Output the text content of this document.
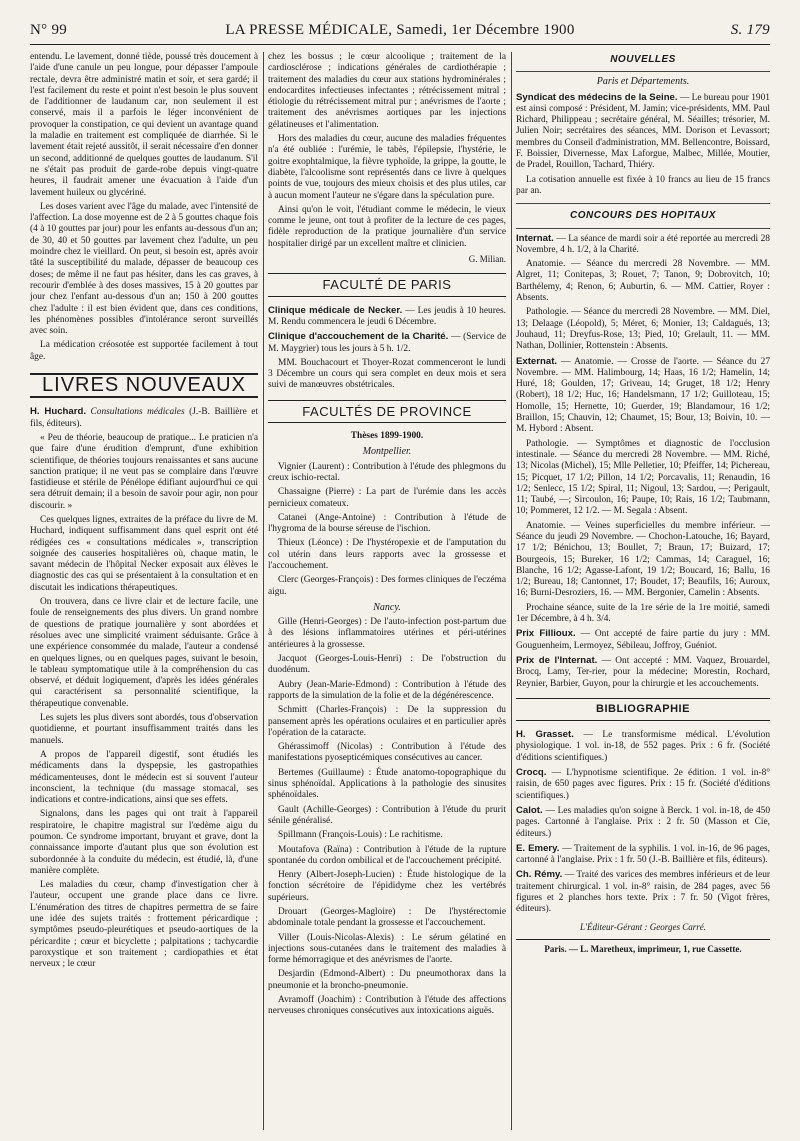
N° 99	LA PRESSE MÉDICALE, Samedi, 1er Décembre 1900	S. 179

entendu. Le lavement, donné tiède, poussé très doucement à l'aide d'une canule un peu longue, pour dépasser l'ampoule rectale, devra être administré matin et soir, et sera gardé; il l'est facilement du reste et point n'est besoin le plus souvent de l'additionner de laudanum car, non seulement il est conservé, mais il a parfois le léger inconvénient de provoquer la constipation, ce qui devient un avantage quand la maladie en traitement est compliquée de diarrhée. Si le lavement était rejeté aussitôt, il serait nécessaire d'en donner un second, additionné de quelques gouttes de laudanum. S'il ne s'était pas produit de garde-robe depuis vingt-quatre heures, il faudrait amener une évacuation à l'aide d'un lavement huileux ou glycériné.

Les doses varient avec l'âge du malade, avec l'intensité de l'affection. La dose moyenne est de 2 à 5 gouttes chaque fois (4 à 10 gouttes par jour) pour les enfants au-dessous d'un an; de 30, 40 et 50 gouttes par lavement chez l'adulte, un peu moindre chez le vieillard. On peut, si besoin est, après avoir tâté la susceptibilité du malade, dépasser de beaucoup ces doses; de même il ne faut pas hésiter, dans les cas graves, à recourir d'emblée à des doses massives, 15 à 20 gouttes par jour chez l'enfant au-dessous d'un an; 150 à 200 gouttes chez l'adulte : il est bien évident que, dans ces conditions, les phénomènes possibles d'intolérance seront surveillés avec soin.

La médication créosotée est supportée facilement à tout âge.

LIVRES NOUVEAUX

H. Huchard. Consultations médicales (J.-B. Baillière et fils, éditeurs).

« Peu de théorie, beaucoup de pratique... Le praticien n'a que faire d'une érudition d'emprunt, d'une exhibition scientifique, de théories toujours renaissantes et sans aucune sanction pratique; il ne veut pas se complaire dans l'œuvre fastidieuse et stérile de Pénélope édifiant aujourd'hui ce qui sera détruit demain; il a besoin de savoir pour agir, non pour discourir. »

Ces quelques lignes, extraites de la préface du livre de M. Huchard, indiquent suffisamment dans quel esprit ont été rédigées ces « consultations médicales », transcription soignée des causeries hospitalières où, chaque matin, le savant médecin de l'hôpital Necker exposait aux élèves le diagnostic des cas qui se présentaient à la consultation et en discutait les indications thérapeutiques.

On trouvera, dans ce livre clair et de lecture facile, une foule de renseignements des plus divers. Un grand nombre de questions de pratique journalière y sont abordées et résolues avec une simplicité vraiment séduisante. Grâce à une expérience consommée du malade, l'auteur a condensé en quelques lignes, ou en quelques pages, suivant le besoin, le tableau symptomatique utile à la compréhension du cas observé, et déduit logiquement, d'après les idées générales qui caractérisent sa personnalité scientifique, la thérapeutique convenable.

Les sujets les plus divers sont abordés, tous d'observation quotidienne, et pourtant insuffisamment traités dans les manuels.

A propos de l'appareil digestif, sont étudiés les médicaments dans la dyspepsie, les gastropathies médicamenteuses, dont le médecin est si souvent l'auteur inconscient, la technique (du massage stomacal, ses indications et contre-indications, ainsi que ses effets.

Signalons, dans les pages qui ont trait à l'appareil respiratoire, le chapitre magistral sur l'œdème aigu du poumon. Ce syndrome important, bruyant et grave, dont la connaissance importe d'autant plus que son évolution est subordonnée à la conduite du médecin, est étudié, là, d'une manière complète.

Les maladies du cœur, champ d'investigation cher à l'auteur, occupent une grande place dans ce livre. L'énumération des titres de chapitres permettra de se faire une idée des sujets traités : frottement péricardique ; symptômes pseudo-pleurétiques et pseudo-aortiques de la péricardite ; cœur et bicyclette ; palpitations ; tachycardie paroxystique et son traitement ; cardiopathies et état nerveux ; le cœur

chez les bossus ; le cœur alcoolique ; traitement de la cardiosclérose ; indications générales de cardiothérapie ; traitement des maladies du cœur aux stations hydrominérales ; endocardites infectieuses infectantes ; rétrécissement mitral ; étiologie du rétrécissement mitral pur ; anévrismes de l'aorte ; traitement des anévrismes aortiques par les injections gélatineuses et l'alimentation.

Hors des maladies du cœur, aucune des maladies fréquentes n'a été oubliée : l'urémie, le tabès, l'épilepsie, l'hystérie, le goitre exophtalmique, la fièvre typhoïde, la grippe, la goutte, le diabète, l'alcoolisme sont représentés dans ce livre à quelques points de vue, toujours des mieux choisis et des plus utiles, car à aucun moment l'auteur ne s'égare dans la spéculation pure.

Ainsi qu'on le voit, l'étudiant comme le médecin, le vieux comme le jeune, ont tout à profiter de la lecture de ces pages, fidèle reproduction de la pratique journalière d'un service hospitalier dirigé par un excellent maître et clinicien.

G. Milian.
FACULTÉ DE PARIS

Clinique médicale de Necker. — Les jeudis à 10 heures. M. Rendu commencera le jeudi 6 Décembre.

Clinique d'accouchement de la Charité. — (Service de M. Maygrier) tous les jours à 5 h. 1/2.

MM. Bouchacourt et Thoyer-Rozat commenceront le lundi 3 Décembre un cours qui sera complet en deux mois et sera suivi de manœuvres obstétricales.

FACULTÉS DE PROVINCE
Thèses 1899-1900.
Montpellier.

Vignier (Laurent) : Contribution à l'étude des phlegmons du creux ischio-rectal.

Chassaigne (Pierre) : La part de l'urémie dans les accès pernicieux comateux.

Catanei (Ange-Antoine) : Contribution à l'étude de l'hygroma de la bourse séreuse de l'ischion.

Thieux (Léonce) : De l'hystéropexie et de l'amputation du col utérin dans leurs rapports avec la grossesse et l'accouchement.

Clerc (Georges-François) : Des formes cliniques de l'eczéma aigu.

Nancy.

Gille (Henri-Georges) : De l'auto-infection post-partum due à des lésions inflammatoires utérines et péri-utérines antérieures à la grossesse.

Jacquot (Georges-Louis-Henri) : De l'obstruction du duodénum.

Aubry (Jean-Marie-Edmond) : Contribution à l'étude des rapports de la simulation de la folie et de la dégénérescence.

Schmitt (Charles-François) : De la suppression du pansement après les opérations oculaires et en particulier après l'opération de la cataracte.

Ghérassimoff (Nicolas) : Contribution à l'étude des manifestations pyosepticémiques consécutives au cancer.

Bertemes (Guillaume) : Étude anatomo-topographique du sinus sphénoïdal. Applications à la pathologie des sinusites sphénoïdales.

Gault (Achille-Georges) : Contribution à l'étude du prurit sénile généralisé.

Spillmann (François-Louis) : Le rachitisme.

Moutafova (Raïna) : Contribution à l'étude de la rupture spontanée du cordon ombilical et de l'accouchement précipité.

Henry (Albert-Joseph-Lucien) : Étude histologique de la fonction sécrétoire de l'épididyme chez les vertébrés supérieurs.

Drouart (Georges-Magloire) : De l'hystérectomie abdominale totale pendant la grossesse et l'accouchement.

Viller (Louis-Nicolas-Alexis) : Le sérum gélatiné en injections sous-cutanées dans le traitement des maladies à forme hémorragique et des anévrismes de l'aorte.

Desjardin (Edmond-Albert) : Du pneumothorax dans la pneumonie et la broncho-pneumonie.

Avramoff (Joachim) : Contribution à l'étude des affections nerveuses chroniques consécutives aux intoxications aiguës.

NOUVELLES
Paris et Départements.

Syndicat des médecins de la Seine. — Le bureau pour 1901 est ainsi composé : Président, M. Jamin; vice-présidents, MM. Paul Richard, Philippeau ; secrétaire général, M. Séailles; trésorier, M. Julien Noir; secrétaires des séances, MM. Dorison et Levassort; membres du Conseil d'administration, MM. Bellencontre, Boissard, F. Boissier, Divernesse, Max Laforgue, Malbec, Millée, Moutier, de Pradel, Rouillon, Tachard, Thiéry.

La cotisation annuelle est fixée à 10 francs au lieu de 15 francs par an.

CONCOURS DES HOPITAUX

Internat. — La séance de mardi soir a été reportée au mercredi 28 Novembre, 4 h. 1/2, à la Charité.

Anatomie. — Séance du mercredi 28 Novembre. — MM. Algret, 11; Conitepas, 3; Rouet, 7; Tanon, 9; Dobrovitch, 10; Barthélemy, 4; Renon, 6; Auburtin, 6. — MM. Cattier, Royer : Absents.

Pathologie. — Séance du mercredi 28 Novembre. — MM. Diel, 13; Delaage (Léopold), 5; Méret, 6; Monier, 13; Caldagués, 13; Jouhaud, 11; Dreyfus-Rose, 13; Pied, 10; Grelault, 11. — MM. Nathan, Dollinier, Rottenstein : Absents.

Externat. — Anatomie. — Crosse de l'aorte. — Séance du 27 Novembre. — MM. Halimbourg, 14; Haas, 16 1/2; Hamelin, 14; Huré, 18; Goulden, 17; Griveau, 14; Gruget, 18 1/2; Henry (Robert), 18 1/2; Huc, 16; Handelsmann, 17 1/2; Guilloteau, 15; Homolle, 15; Hernette, 10; Guerder, 19; Blandamour, 16 1/2; Braillon, 15; Chauvin, 12; Chaumet, 15; Bour, 13; Boivin, 10. — M. Hybord : Absent.

Pathologie. — Symptômes et diagnostic de l'occlusion intestinale. — Séance du mercredi 28 Novembre. — MM. Riché, 13; Nicolas (Michel), 15; Mlle Pelletier, 10; Pfeiffer, 14; Pichereau, 15; Picquet, 17 1/2; Pillon, 14 1/2; Porcavalis, 11; Renaudin, 16 1/2; Senlecc, 15 1/2; Spiral, 11; Nigoul, 13; Sardou, —; Perigault, 11; Taubé, —; Sircoulon, 16; Paupe, 10; Rais, 16 1/2; Taubmann, 10; Pommeret, 12 1/2. — M. Segala : Absent.

Anatomie. — Veines superficielles du membre inférieur. — Séance du jeudi 29 Novembre. — Chochon-Latouche, 16; Bayard, 17 1/2; Bénichou, 13; Boullet, 7; Braun, 17; Buizard, 17; Bourgeois, 15; Bureker, 16 1/2; Cammas, 14; Caraguel, 16; Blanche, 16 1/2; Agasse-Lafont, 19 1/2; Boucard, 16; Ballu, 16 1/2; Bureau, 18; Cantonnet, 17; Boudet, 17; Beaufils, 16; Auroux, 16; Burni-Desroziers, 16. — MM. Bergonier, Camelin : Absents.

Prochaine séance, suite de la 1re série de la 1re moitié, samedi 1er Décembre, à 4 h. 3/4.

Prix Fillioux. — Ont accepté de faire partie du jury : MM. Gouguenheim, Lermoyez, Sébileau, Joffroy, Guéniot.

Prix de l'Internat. — Ont accepté : MM. Vaquez, Brouardel, Brocq, Lamy, Ter-rier, pour la médecine; Morestin, Rochard, Reynier, Barbier, Guyon, pour la chirurgie et les accouchements.

BIBLIOGRAPHIE

H. Grasset. — Le transformisme médical. L'évolution physiologique. 1 vol. in-18, de 552 pages. Prix : 6 fr. (Société d'éditions scientifiques.)

Crocq. — L'hypnotisme scientifique. 2e édition. 1 vol. in-8° raisin, de 650 pages avec figures. Prix : 15 fr. (Société d'éditions scientifiques.)

Calot. — Les maladies qu'on soigne à Berck. 1 vol. in-18, de 450 pages. Cartonné à l'anglaise. Prix : 2 fr. 50 (Masson et Cie, éditeurs.)

E. Emery. — Traitement de la syphilis. 1 vol. in-16, de 96 pages, cartonné à l'anglaise. Prix : 1 fr. 50 (J.-B. Baillière et fils, éditeurs).

Ch. Rémy. — Traité des varices des membres inférieurs et de leur traitement chirurgical. 1 vol. in-8° raisin, de 284 pages, avec 56 figures et 2 planches hors texte. Prix : 7 fr. 50 (Vigot frères, éditeurs).

L'Éditeur-Gérant : Georges Carré.
Paris. — L. Maretheux, imprimeur, 1, rue Cassette.
